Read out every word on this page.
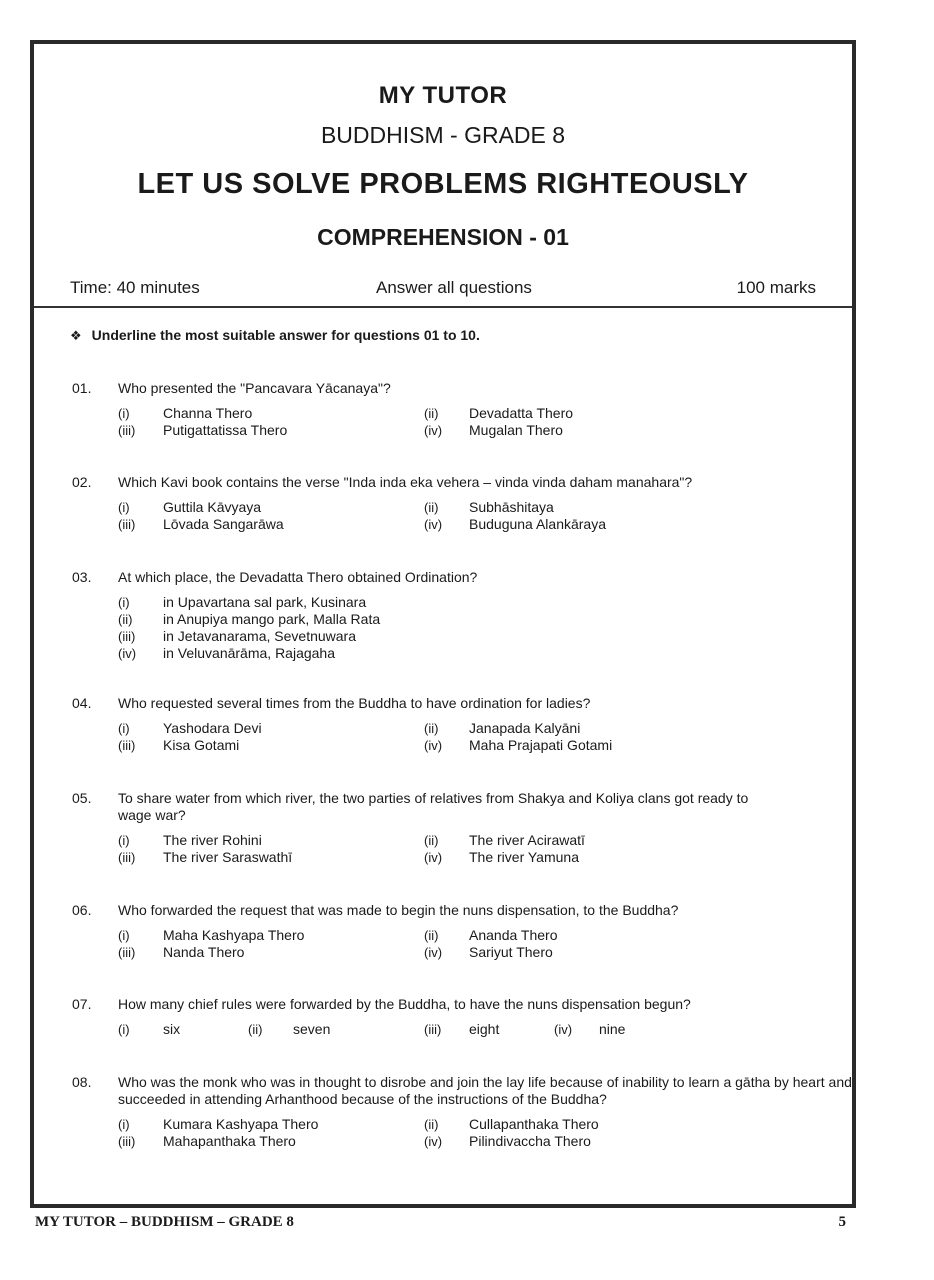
MY TUTOR
BUDDHISM - GRADE 8
LET US SOLVE PROBLEMS RIGHTEOUSLY
COMPREHENSION - 01
Time: 40 minutes	Answer all questions	100 marks
❖ Underline the most suitable answer for questions 01 to 10.
01.	Who presented the "Pancavara Yācanaya"?
(i)	Channa Thero	(ii)	Devadatta Thero
(iii)	Putigattatissa Thero	(iv)	Mugalan Thero
02.	Which Kavi book contains the verse "Inda inda eka vehera – vinda vinda daham manahara"?
(i)	Guttila Kāvyaya	(ii)	Subhāshitaya
(iii)	Lōvada Sangarāwa	(iv)	Buduguna Alankāraya
03.	At which place, the Devadatta Thero obtained Ordination?
(i)	in Upavartana sal park, Kusinara
(ii)	in Anupiya mango park, Malla Rata
(iii)	in Jetavanarama, Sevetnuwara
(iv)	in Veluvanārāma, Rajagaha
04.	Who requested several times from the Buddha to have ordination for ladies?
(i)	Yashodara Devi	(ii)	Janapada Kalyāni
(iii)	Kisa Gotami	(iv)	Maha Prajapati Gotami
05.	To share water from which river, the two parties of relatives from Shakya and Koliya clans got ready to wage war?
(i)	The river Rohini	(ii)	The river Acirawatī
(iii)	The river Saraswathī	(iv)	The river Yamuna
06.	Who forwarded the request that was made to begin the nuns dispensation, to the Buddha?
(i)	Maha Kashyapa Thero	(ii)	Ananda Thero
(iii)	Nanda Thero	(iv)	Sariyut Thero
07.	How many chief rules were forwarded by the Buddha, to have the nuns dispensation begun?
(i)	six	(ii)	seven	(iii)	eight	(iv)	nine
08.	Who was the monk who was in thought to disrobe and join the lay life because of inability to learn a gātha by heart and succeeded in attending Arhanthood because of the instructions of the Buddha?
(i)	Kumara Kashyapa Thero	(ii)	Cullapanthaka Thero
(iii)	Mahapanthaka Thero	(iv)	Pilindivaccha Thero
MY TUTOR – BUDDHISM – GRADE 8	5
